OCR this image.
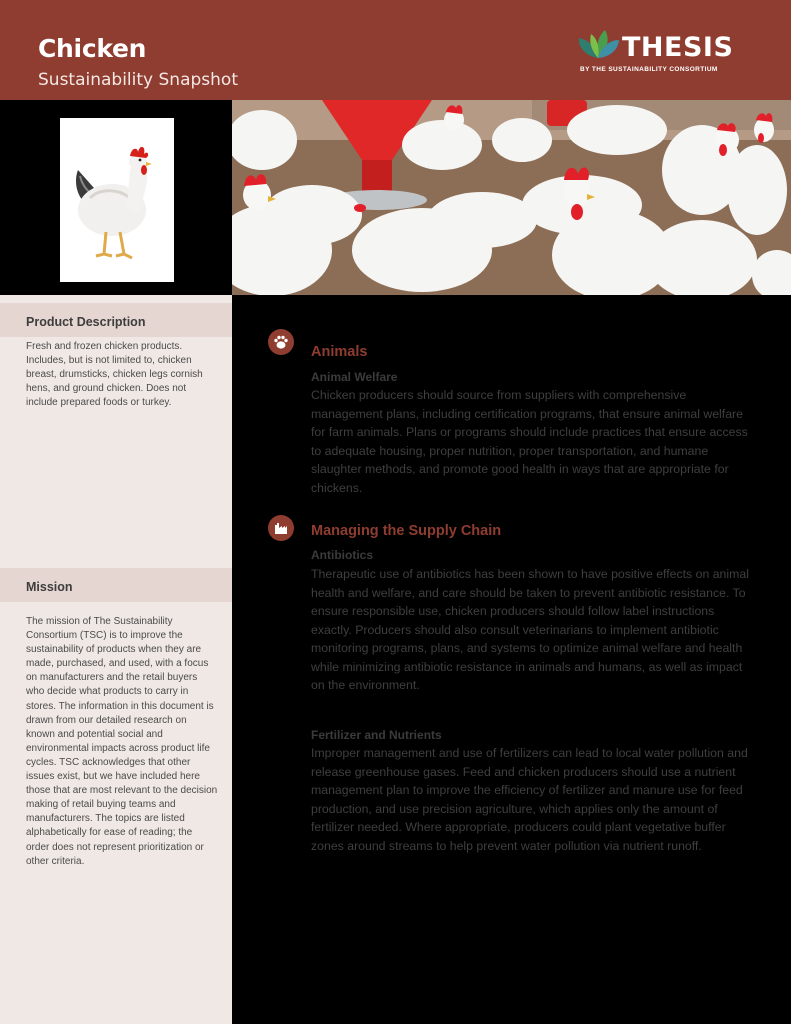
Chicken
Sustainability Snapshot
THESIS
BY THE SUSTAINABILITY CONSORTIUM
Product Description
Fresh and frozen chicken products. Includes, but is not limited to, chicken breast, drumsticks, chicken legs cornish hens, and ground chicken. Does not include prepared foods or turkey.
Mission
The mission of The Sustainability Consortium (TSC) is to improve the sustainability of products when they are made, purchased, and used, with a focus on manufacturers and the retail buyers who decide what products to carry in stores. The information in this document is drawn from our detailed research on known and potential social and environmental impacts across product life cycles. TSC acknowledges that other issues exist, but we have included here those that are most relevant to the decision making of retail buying teams and manufacturers. The topics are listed alphabetically for ease of reading; the order does not represent prioritization or other criteria.
Animals
Animal Welfare
Chicken producers should source from suppliers with comprehensive management plans, including certification programs, that ensure animal welfare for farm animals. Plans or programs should include practices that ensure access to adequate housing, proper nutrition, proper transportation, and humane slaughter methods, and promote good health in ways that are appropriate for chickens.
Managing the Supply Chain
Antibiotics
Therapeutic use of antibiotics has been shown to have positive effects on animal health and welfare, and care should be taken to prevent antibiotic resistance. To ensure responsible use, chicken producers should follow label instructions exactly. Producers should also consult veterinarians to implement antibiotic monitoring programs, plans, and systems to optimize animal welfare and health while minimizing antibiotic resistance in animals and humans, as well as impact on the environment.
Fertilizer and Nutrients
Improper management and use of fertilizers can lead to local water pollution and release greenhouse gases. Feed and chicken producers should use a nutrient management plan to improve the efficiency of fertilizer and manure use for feed production, and use precision agriculture, which applies only the amount of fertilizer needed. Where appropriate, producers could plant vegetative buffer zones around streams to help prevent water pollution via nutrient runoff.
